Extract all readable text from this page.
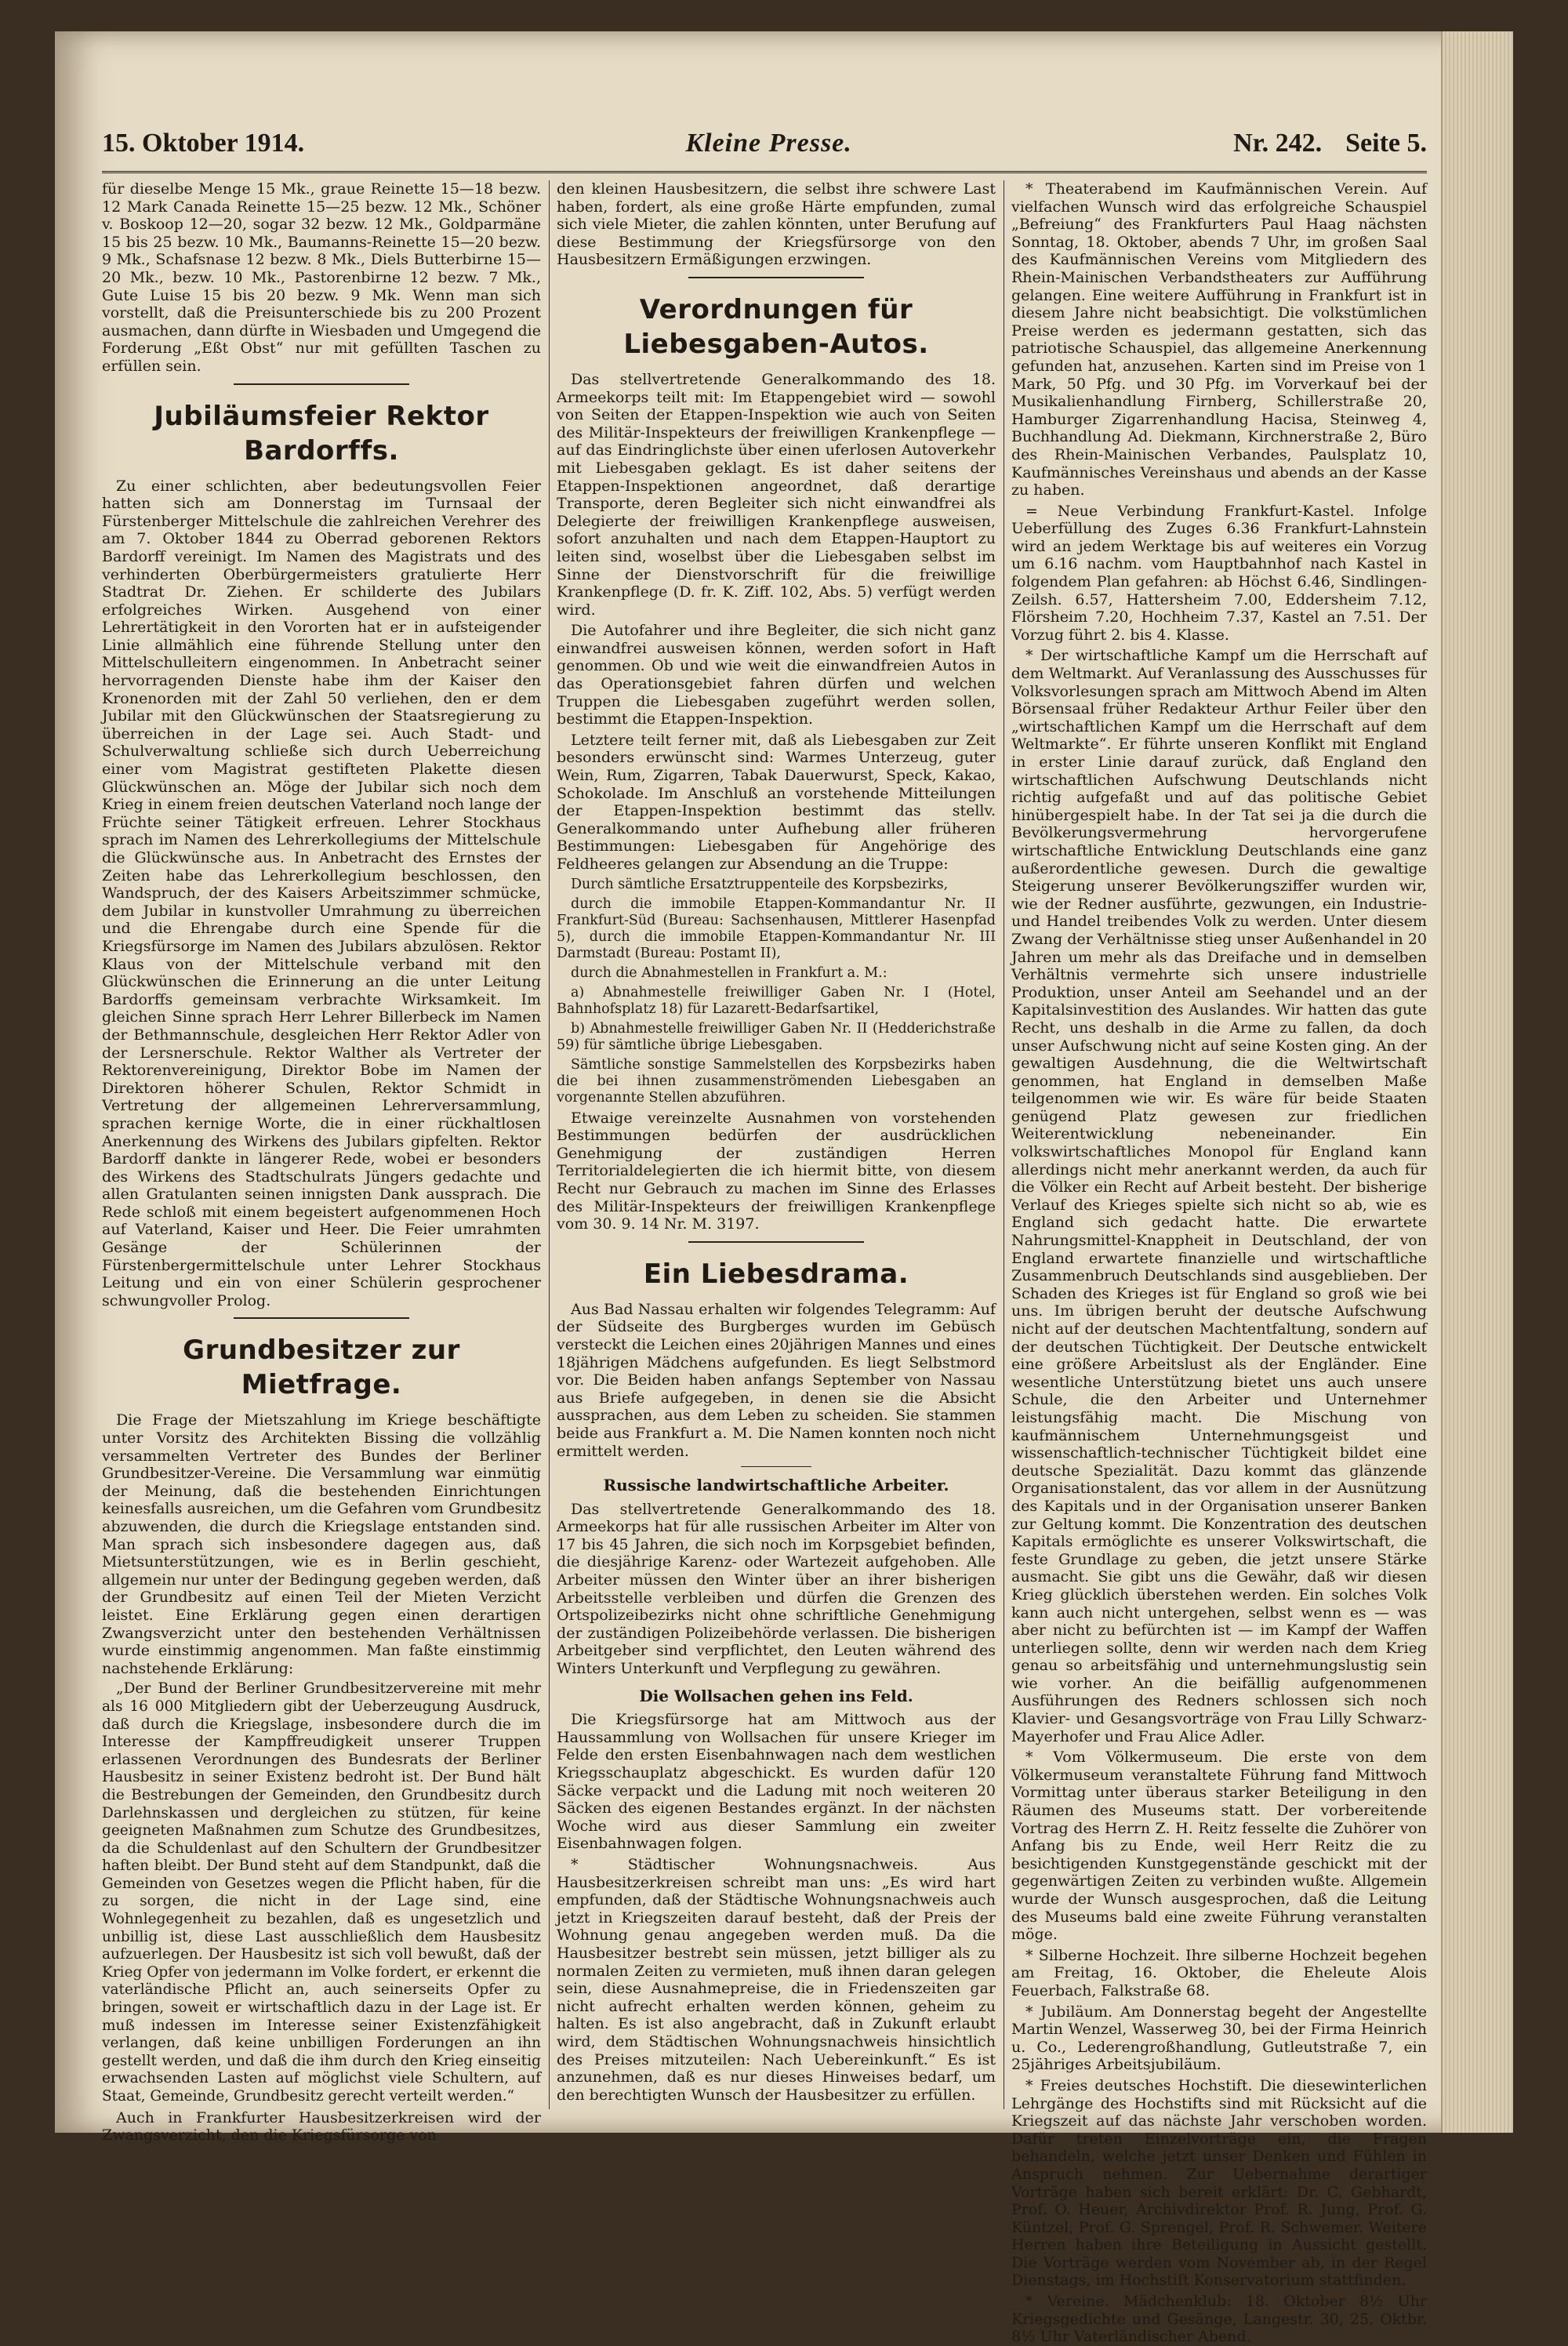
15. Oktober 1914.	Kleine Presse.	Nr. 242. Seite 5.

für dieselbe Menge 15 Mk., graue Reinette 15—18 bezw. 12 Mark Canada Reinette 15—25 bezw. 12 Mk., Schöner v. Boskoop 12—20, sogar 32 bezw. 12 Mk., Goldparmäne 15 bis 25 bezw. 10 Mk., Baumanns-Reinette 15—20 bezw. 9 Mk., Schafsnase 12 bezw. 8 Mk., Diels Butterbirne 15—20 Mk., bezw. 10 Mk., Pastorenbirne 12 bezw. 7 Mk., Gute Luise 15 bis 20 bezw. 9 Mk. Wenn man sich vorstellt, daß die Preisunterschiede bis zu 200 Prozent ausmachen, dann dürfte in Wiesbaden und Umgegend die Forderung „Eßt Obst“ nur mit gefüllten Taschen zu erfüllen sein.

Jubiläumsfeier Rektor Bardorffs.

Zu einer schlichten, aber bedeutungsvollen Feier hatten sich am Donnerstag im Turnsaal der Fürstenberger Mittelschule die zahlreichen Verehrer des am 7. Oktober 1844 zu Oberrad geborenen Rektors Bardorff vereinigt. Im Namen des Magistrats und des verhinderten Oberbürgermeisters gratulierte Herr Stadtrat Dr. Ziehen. Er schilderte des Jubilars erfolgreiches Wirken. Ausgehend von einer Lehrertätigkeit in den Vororten hat er in aufsteigender Linie allmählich eine führende Stellung unter den Mittelschulleitern eingenommen. In Anbetracht seiner hervorragenden Dienste habe ihm der Kaiser den Kronenorden mit der Zahl 50 verliehen, den er dem Jubilar mit den Glückwünschen der Staatsregierung zu überreichen in der Lage sei. Auch Stadt- und Schulverwaltung schließe sich durch Ueberreichung einer vom Magistrat gestifteten Plakette diesen Glückwünschen an. Möge der Jubilar sich noch dem Krieg in einem freien deutschen Vaterland noch lange der Früchte seiner Tätigkeit erfreuen. Lehrer Stockhaus sprach im Namen des Lehrerkollegiums der Mittelschule die Glückwünsche aus. In Anbetracht des Ernstes der Zeiten habe das Lehrerkollegium beschlossen, den Wandspruch, der des Kaisers Arbeitszimmer schmücke, dem Jubilar in kunstvoller Umrahmung zu überreichen und die Ehrengabe durch eine Spende für die Kriegsfürsorge im Namen des Jubilars abzulösen. Rektor Klaus von der Mittelschule verband mit den Glückwünschen die Erinnerung an die unter Leitung Bardorffs gemeinsam verbrachte Wirksamkeit. Im gleichen Sinne sprach Herr Lehrer Billerbeck im Namen der Bethmannschule, desgleichen Herr Rektor Adler von der Lersnerschule. Rektor Walther als Vertreter der Rektorenvereinigung, Direktor Bobe im Namen der Direktoren höherer Schulen, Rektor Schmidt in Vertretung der allgemeinen Lehrerversammlung, sprachen kernige Worte, die in einer rückhaltlosen Anerkennung des Wirkens des Jubilars gipfelten. Rektor Bardorff dankte in längerer Rede, wobei er besonders des Wirkens des Stadtschulrats Jüngers gedachte und allen Gratulanten seinen innigsten Dank aussprach. Die Rede schloß mit einem begeistert aufgenommenen Hoch auf Vaterland, Kaiser und Heer. Die Feier umrahmten Gesänge der Schülerinnen der Fürstenbergermittelschule unter Lehrer Stockhaus Leitung und ein von einer Schülerin gesprochener schwungvoller Prolog.

Grundbesitzer zur Mietfrage.

Die Frage der Mietszahlung im Kriege beschäftigte unter Vorsitz des Architekten Bissing die vollzählig versammelten Vertreter des Bundes der Berliner Grundbesitzer-Vereine. Die Versammlung war einmütig der Meinung, daß die bestehenden Einrichtungen keinesfalls ausreichen, um die Gefahren vom Grundbesitz abzuwenden, die durch die Kriegslage entstanden sind. Man sprach sich insbesondere dagegen aus, daß Mietsunterstützungen, wie es in Berlin geschieht, allgemein nur unter der Bedingung gegeben werden, daß der Grundbesitz auf einen Teil der Mieten Verzicht leistet. Eine Erklärung gegen einen derartigen Zwangsverzicht unter den bestehenden Verhältnissen wurde einstimmig angenommen. Man faßte einstimmig nachstehende Erklärung:

„Der Bund der Berliner Grundbesitzervereine mit mehr als 16 000 Mitgliedern gibt der Ueberzeugung Ausdruck, daß durch die Kriegslage, insbesondere durch die im Interesse der Kampffreudigkeit unserer Truppen erlassenen Verordnungen des Bundesrats der Berliner Hausbesitz in seiner Existenz bedroht ist. Der Bund hält die Bestrebungen der Gemeinden, den Grundbesitz durch Darlehnskassen und dergleichen zu stützen, für keine geeigneten Maßnahmen zum Schutze des Grundbesitzes, da die Schuldenlast auf den Schultern der Grundbesitzer haften bleibt. Der Bund steht auf dem Standpunkt, daß die Gemeinden von Gesetzes wegen die Pflicht haben, für die zu sorgen, die nicht in der Lage sind, eine Wohnlegegenheit zu bezahlen, daß es ungesetzlich und unbillig ist, diese Last ausschließlich dem Hausbesitz aufzuerlegen. Der Hausbesitz ist sich voll bewußt, daß der Krieg Opfer von jedermann im Volke fordert, er erkennt die vaterländische Pflicht an, auch seinerseits Opfer zu bringen, soweit er wirtschaftlich dazu in der Lage ist. Er muß indessen im Interesse seiner Existenzfähigkeit verlangen, daß keine unbilligen Forderungen an ihn gestellt werden, und daß die ihm durch den Krieg einseitig erwachsenden Lasten auf möglichst viele Schultern, auf Staat, Gemeinde, Grundbesitz gerecht verteilt werden.“

Auch in Frankfurter Hausbesitzerkreisen wird der Zwangsverzicht, den die Kriegsfürsorge von

den kleinen Hausbesitzern, die selbst ihre schwere Last haben, fordert, als eine große Härte empfunden, zumal sich viele Mieter, die zahlen könnten, unter Berufung auf diese Bestimmung der Kriegsfürsorge von den Hausbesitzern Ermäßigungen erzwingen.

Verordnungen für Liebesgaben-Autos.

Das stellvertretende Generalkommando des 18. Armeekorps teilt mit: Im Etappengebiet wird — sowohl von Seiten der Etappen-Inspektion wie auch von Seiten des Militär-Inspekteurs der freiwilligen Krankenpflege — auf das Eindringlichste über einen uferlosen Autoverkehr mit Liebesgaben geklagt. Es ist daher seitens der Etappen-Inspektionen angeordnet, daß derartige Transporte, deren Begleiter sich nicht einwandfrei als Delegierte der freiwilligen Krankenpflege ausweisen, sofort anzuhalten und nach dem Etappen-Hauptort zu leiten sind, woselbst über die Liebesgaben selbst im Sinne der Dienstvorschrift für die freiwillige Krankenpflege (D. fr. K. Ziff. 102, Abs. 5) verfügt werden wird.

Die Autofahrer und ihre Begleiter, die sich nicht ganz einwandfrei ausweisen können, werden sofort in Haft genommen. Ob und wie weit die einwandfreien Autos in das Operationsgebiet fahren dürfen und welchen Truppen die Liebesgaben zugeführt werden sollen, bestimmt die Etappen-Inspektion.

Letztere teilt ferner mit, daß als Liebesgaben zur Zeit besonders erwünscht sind: Warmes Unterzeug, guter Wein, Rum, Zigarren, Tabak Dauerwurst, Speck, Kakao, Schokolade. Im Anschluß an vorstehende Mitteilungen der Etappen-Inspektion bestimmt das stellv. Generalkommando unter Aufhebung aller früheren Bestimmungen: Liebesgaben für Angehörige des Feldheeres gelangen zur Absendung an die Truppe:

Durch sämtliche Ersatztruppenteile des Korpsbezirks,

durch die immobile Etappen-Kommandantur Nr. II Frankfurt-Süd (Bureau: Sachsenhausen, Mittlerer Hasenpfad 5), durch die immobile Etappen-Kommandantur Nr. III Darmstadt (Bureau: Postamt II),

durch die Abnahmestellen in Frankfurt a. M.:

a) Abnahmestelle freiwilliger Gaben Nr. I (Hotel, Bahnhofsplatz 18) für Lazarett-Bedarfsartikel,

b) Abnahmestelle freiwilliger Gaben Nr. II (Hedderichstraße 59) für sämtliche übrige Liebesgaben.

Sämtliche sonstige Sammelstellen des Korpsbezirks haben die bei ihnen zusammenströmenden Liebesgaben an vorgenannte Stellen abzuführen.

Etwaige vereinzelte Ausnahmen von vorstehenden Bestimmungen bedürfen der ausdrücklichen Genehmigung der zuständigen Herren Territorialdelegierten die ich hiermit bitte, von diesem Recht nur Gebrauch zu machen im Sinne des Erlasses des Militär-Inspekteurs der freiwilligen Krankenpflege vom 30. 9. 14 Nr. M. 3197.

Ein Liebesdrama.

Aus Bad Nassau erhalten wir folgendes Telegramm: Auf der Südseite des Burgberges wurden im Gebüsch versteckt die Leichen eines 20jährigen Mannes und eines 18jährigen Mädchens aufgefunden. Es liegt Selbstmord vor. Die Beiden haben anfangs September von Nassau aus Briefe aufgegeben, in denen sie die Absicht aussprachen, aus dem Leben zu scheiden. Sie stammen beide aus Frankfurt a. M. Die Namen konnten noch nicht ermittelt werden.

Russische landwirtschaftliche Arbeiter.

Das stellvertretende Generalkommando des 18. Armeekorps hat für alle russischen Arbeiter im Alter von 17 bis 45 Jahren, die sich noch im Korpsgebiet befinden, die diesjährige Karenz- oder Wartezeit aufgehoben. Alle Arbeiter müssen den Winter über an ihrer bisherigen Arbeitsstelle verbleiben und dürfen die Grenzen des Ortspolizeibezirks nicht ohne schriftliche Genehmigung der zuständigen Polizeibehörde verlassen. Die bisherigen Arbeitgeber sind verpflichtet, den Leuten während des Winters Unterkunft und Verpflegung zu gewähren.

Die Wollsachen gehen ins Feld.

Die Kriegsfürsorge hat am Mittwoch aus der Haussammlung von Wollsachen für unsere Krieger im Felde den ersten Eisenbahnwagen nach dem westlichen Kriegsschauplatz abgeschickt. Es wurden dafür 120 Säcke verpackt und die Ladung mit noch weiteren 20 Säcken des eigenen Bestandes ergänzt. In der nächsten Woche wird aus dieser Sammlung ein zweiter Eisenbahnwagen folgen.

* Städtischer Wohnungsnachweis. Aus Hausbesitzerkreisen schreibt man uns: „Es wird hart empfunden, daß der Städtische Wohnungsnachweis auch jetzt in Kriegszeiten darauf besteht, daß der Preis der Wohnung genau angegeben werden muß. Da die Hausbesitzer bestrebt sein müssen, jetzt billiger als zu normalen Zeiten zu vermieten, muß ihnen daran gelegen sein, diese Ausnahmepreise, die in Friedenszeiten gar nicht aufrecht erhalten werden können, geheim zu halten. Es ist also angebracht, daß in Zukunft erlaubt wird, dem Städtischen Wohnungsnachweis hinsichtlich des Preises mitzuteilen: Nach Uebereinkunft.“ Es ist anzunehmen, daß es nur dieses Hinweises bedarf, um den berechtigten Wunsch der Hausbesitzer zu erfüllen.

* Theaterabend im Kaufmännischen Verein. Auf vielfachen Wunsch wird das erfolgreiche Schauspiel „Befreiung“ des Frankfurters Paul Haag nächsten Sonntag, 18. Oktober, abends 7 Uhr, im großen Saal des Kaufmännischen Vereins vom Mitgliedern des Rhein-Mainischen Verbandstheaters zur Aufführung gelangen. Eine weitere Aufführung in Frankfurt ist in diesem Jahre nicht beabsichtigt. Die volkstümlichen Preise werden es jedermann gestatten, sich das patriotische Schauspiel, das allgemeine Anerkennung gefunden hat, anzusehen. Karten sind im Preise von 1 Mark, 50 Pfg. und 30 Pfg. im Vorverkauf bei der Musikalienhandlung Firnberg, Schillerstraße 20, Hamburger Zigarrenhandlung Hacisa, Steinweg 4, Buchhandlung Ad. Diekmann, Kirchnerstraße 2, Büro des Rhein-Mainischen Verbandes, Paulsplatz 10, Kaufmännisches Vereinshaus und abends an der Kasse zu haben.

= Neue Verbindung Frankfurt-Kastel. Infolge Ueberfüllung des Zuges 6.36 Frankfurt-Lahnstein wird an jedem Werktage bis auf weiteres ein Vorzug um 6.16 nachm. vom Hauptbahnhof nach Kastel in folgendem Plan gefahren: ab Höchst 6.46, Sindlingen-Zeilsh. 6.57, Hattersheim 7.00, Eddersheim 7.12, Flörsheim 7.20, Hochheim 7.37, Kastel an 7.51. Der Vorzug führt 2. bis 4. Klasse.

* Der wirtschaftliche Kampf um die Herrschaft auf dem Weltmarkt. Auf Veranlassung des Ausschusses für Volksvorlesungen sprach am Mittwoch Abend im Alten Börsensaal früher Redakteur Arthur Feiler über den „wirtschaftlichen Kampf um die Herrschaft auf dem Weltmarkte“. Er führte unseren Konflikt mit England in erster Linie darauf zurück, daß England den wirtschaftlichen Aufschwung Deutschlands nicht richtig aufgefaßt und auf das politische Gebiet hinübergespielt habe. In der Tat sei ja die durch die Bevölkerungsvermehrung hervorgerufene wirtschaftliche Entwicklung Deutschlands eine ganz außerordentliche gewesen. Durch die gewaltige Steigerung unserer Bevölkerungsziffer wurden wir, wie der Redner ausführte, gezwungen, ein Industrie- und Handel treibendes Volk zu werden. Unter diesem Zwang der Verhältnisse stieg unser Außenhandel in 20 Jahren um mehr als das Dreifache und in demselben Verhältnis vermehrte sich unsere industrielle Produktion, unser Anteil am Seehandel und an der Kapitalsinvestition des Auslandes. Wir hatten das gute Recht, uns deshalb in die Arme zu fallen, da doch unser Aufschwung nicht auf seine Kosten ging. An der gewaltigen Ausdehnung, die die Weltwirtschaft genommen, hat England in demselben Maße teilgenommen wie wir. Es wäre für beide Staaten genügend Platz gewesen zur friedlichen Weiterentwicklung nebeneinander. Ein volkswirtschaftliches Monopol für England kann allerdings nicht mehr anerkannt werden, da auch für die Völker ein Recht auf Arbeit besteht. Der bisherige Verlauf des Krieges spielte sich nicht so ab, wie es England sich gedacht hatte. Die erwartete Nahrungsmittel-Knappheit in Deutschland, der von England erwartete finanzielle und wirtschaftliche Zusammenbruch Deutschlands sind ausgeblieben. Der Schaden des Krieges ist für England so groß wie bei uns. Im übrigen beruht der deutsche Aufschwung nicht auf der deutschen Machtentfaltung, sondern auf der deutschen Tüchtigkeit. Der Deutsche entwickelt eine größere Arbeitslust als der Engländer. Eine wesentliche Unterstützung bietet uns auch unsere Schule, die den Arbeiter und Unternehmer leistungsfähig macht. Die Mischung von kaufmännischem Unternehmungsgeist und wissenschaftlich-technischer Tüchtigkeit bildet eine deutsche Spezialität. Dazu kommt das glänzende Organisationstalent, das vor allem in der Ausnützung des Kapitals und in der Organisation unserer Banken zur Geltung kommt. Die Konzentration des deutschen Kapitals ermöglichte es unserer Volkswirtschaft, die feste Grundlage zu geben, die jetzt unsere Stärke ausmacht. Sie gibt uns die Gewähr, daß wir diesen Krieg glücklich überstehen werden. Ein solches Volk kann auch nicht untergehen, selbst wenn es — was aber nicht zu befürchten ist — im Kampf der Waffen unterliegen sollte, denn wir werden nach dem Krieg genau so arbeitsfähig und unternehmungslustig sein wie vorher. An die beifällig aufgenommenen Ausführungen des Redners schlossen sich noch Klavier- und Gesangsvorträge von Frau Lilly Schwarz-Mayerhofer und Frau Alice Adler.

* Vom Völkermuseum. Die erste von dem Völkermuseum veranstaltete Führung fand Mittwoch Vormittag unter überaus starker Beteiligung in den Räumen des Museums statt. Der vorbereitende Vortrag des Herrn Z. H. Reitz fesselte die Zuhörer von Anfang bis zu Ende, weil Herr Reitz die zu besichtigenden Kunstgegenstände geschickt mit der gegenwärtigen Zeiten zu verbinden wußte. Allgemein wurde der Wunsch ausgesprochen, daß die Leitung des Museums bald eine zweite Führung veranstalten möge.

* Silberne Hochzeit. Ihre silberne Hochzeit begehen am Freitag, 16. Oktober, die Eheleute Alois Feuerbach, Falkstraße 68.

* Jubiläum. Am Donnerstag begeht der Angestellte Martin Wenzel, Wasserweg 30, bei der Firma Heinrich u. Co., Lederengroßhandlung, Gutleutstraße 7, ein 25jähriges Arbeitsjubiläum.

* Freies deutsches Hochstift. Die diesewinterlichen Lehrgänge des Hochstifts sind mit Rücksicht auf die Kriegszeit auf das nächste Jahr verschoben worden. Dafür treten Einzelvorträge ein, die Fragen behandeln, welche jetzt unser Denken und Fühlen in Anspruch nehmen. Zur Uebernahme derartiger Vorträge haben sich bereit erklärt: Dr. C. Gebhardt, Prof. O. Heuer, Archivdirektor Prof. R. Jung, Prof. G. Küntzel, Prof. G. Sprengel, Prof. R. Schwemer. Weitere Herren haben ihre Beteiligung in Aussicht gestellt. Die Vorträge werden vom November ab, in der Regel Dienstags, im Hochstift Konservatorium stattfinden.

* Vereine. Mädchenklub: 18. Oktober 8½ Uhr Kriegsgedichte und Gesänge, Langestr. 30, 25. Oktbr. 8½ Uhr Vaterländischer Abend.
